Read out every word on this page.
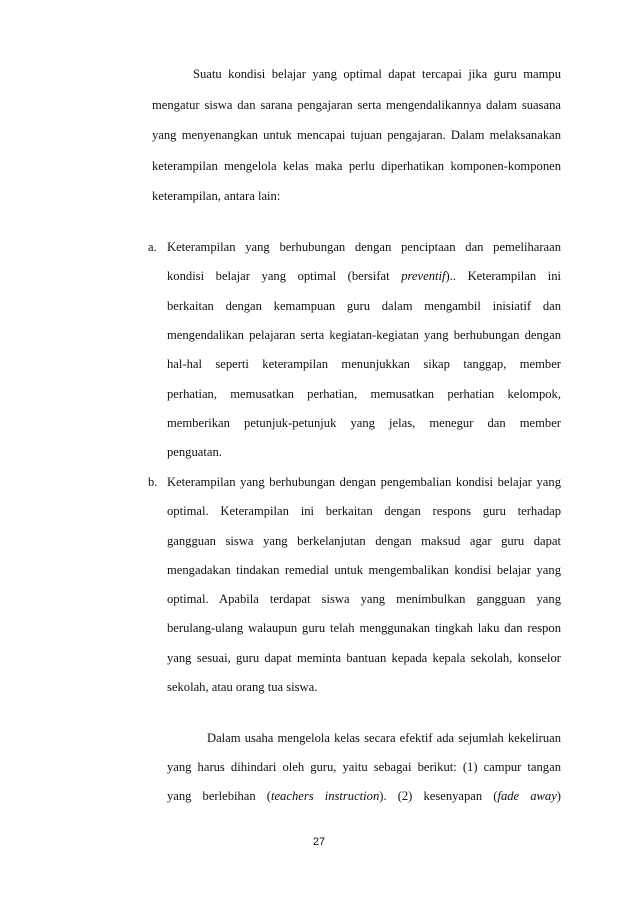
Suatu kondisi belajar yang optimal dapat tercapai jika guru mampu
mengatur siswa dan sarana pengajaran serta mengendalikannya dalam suasana
yang menyenangkan untuk mencapai tujuan pengajaran. Dalam melaksanakan
keterampilan mengelola kelas maka perlu diperhatikan komponen-komponen
keterampilan, antara lain:
a. Keterampilan yang berhubungan dengan penciptaan dan pemeliharaan
kondisi belajar yang optimal (bersifat preventif).. Keterampilan ini
berkaitan dengan kemampuan guru dalam mengambil inisiatif dan
mengendalikan pelajaran serta kegiatan-kegiatan yang berhubungan dengan
hal-hal seperti keterampilan menunjukkan sikap tanggap, member
perhatian, memusatkan perhatian, memusatkan perhatian kelompok,
memberikan petunjuk-petunjuk yang jelas, menegur dan member
penguatan.
b. Keterampilan yang berhubungan dengan pengembalian kondisi belajar yang
optimal. Keterampilan ini berkaitan dengan respons guru terhadap
gangguan siswa yang berkelanjutan dengan maksud agar guru dapat
mengadakan tindakan remedial untuk mengembalikan kondisi belajar yang
optimal. Apabila terdapat siswa yang menimbulkan gangguan yang
berulang-ulang walaupun guru telah menggunakan tingkah laku dan respon
yang sesuai, guru dapat meminta bantuan kepada kepala sekolah, konselor
sekolah, atau orang tua siswa.
Dalam usaha mengelola kelas secara efektif ada sejumlah kekeliruan
yang harus dihindari oleh guru, yaitu sebagai berikut: (1) campur tangan
yang berlebihan (teachers instruction). (2) kesenyapan (fade away)
27
